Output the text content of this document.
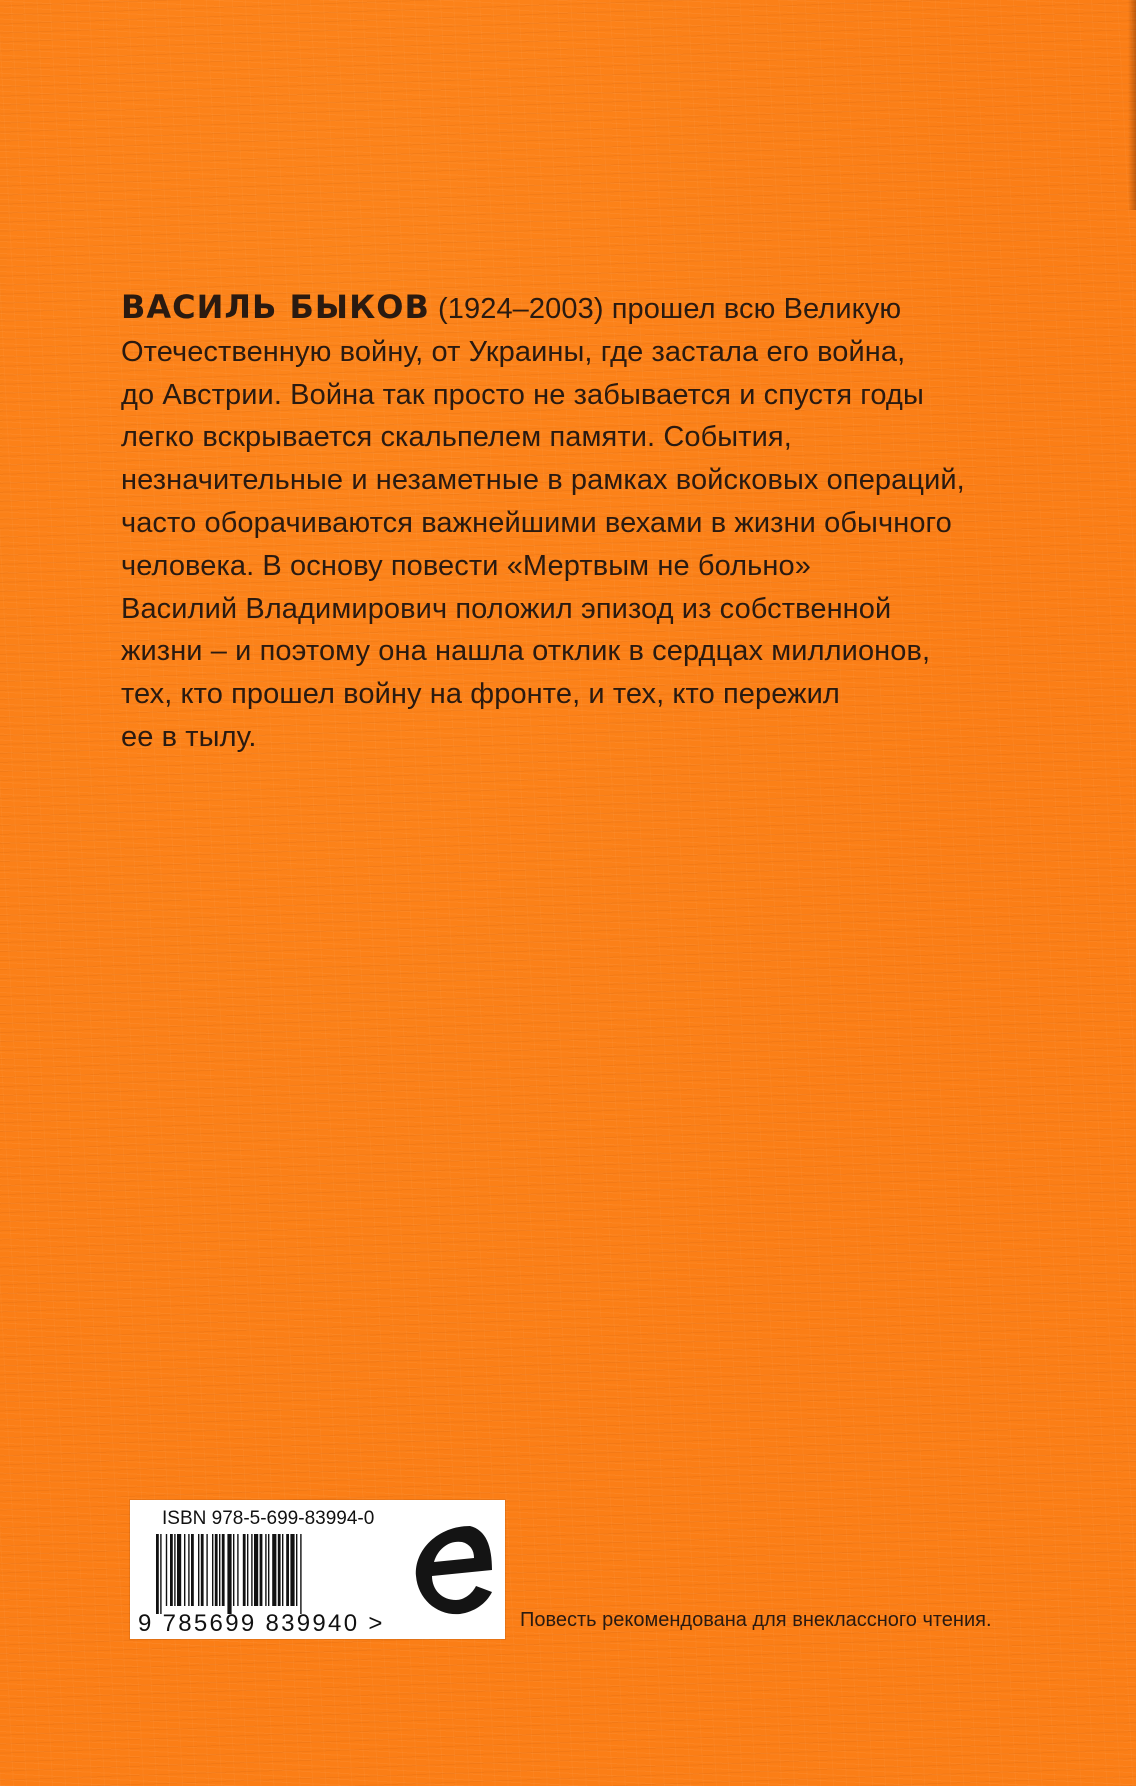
ВАСИЛЬ БЫКОВ (1924–2003) прошел всю Великую
Отечественную войну, от Украины, где застала его война,
до Австрии. Война так просто не забывается и спустя годы
легко вскрывается скальпелем памяти. События,
незначительные и незаметные в рамках войсковых операций,
часто оборачиваются важнейшими вехами в жизни обычного
человека. В основу повести «Мертвым не больно»
Василий Владимирович положил эпизод из собственной
жизни – и поэтому она нашла отклик в сердцах миллионов,
тех, кто прошел войну на фронте, и тех, кто пережил
ее в тылу.
ISBN 978-5-699-83994-0
9 785699 839940 >	Повесть рекомендована для внеклассного чтения.
